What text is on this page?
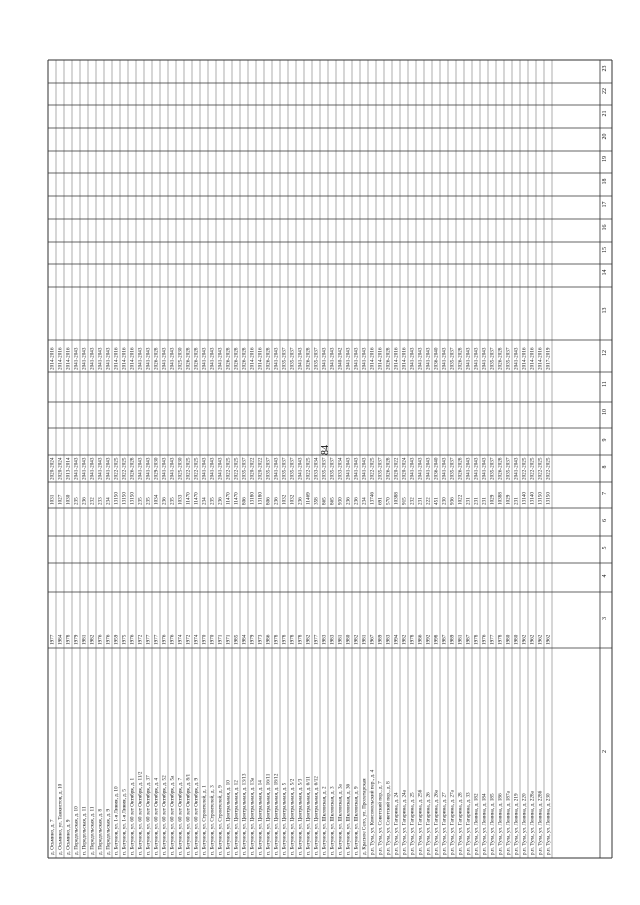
2
3
4
5
6
7
8
9
10
11
12
13
14
15
16
17
18
19
20
21
22
23
д. Осьмино, д. 7
1977
1031
2020-2024
2014-2016
д. Осьмино, ул. Танкистов, д. 10
1984
1027
2020-2024
2014-2016
д. Осьмино, д. 9
1978
1030
2013-2014
2014-2016
д. Передольская, д. 10
1979
235
2041-2043
2041-2043
п. Передольская, д. 11
1981
236
2041-2043
2041-2043
д. Передольская, д. 11
1982
232
2041-2043
2041-2043
д. Передольская, д. 8
1976
233
2041-2043
2041-2043
д. Передольская, д. 9
1976
234
2041-2043
2041-2043
п. Бегунов, ул. 1-я Линия, д. 10
1959
13150
2022-2025
2014-2016
п. Бегунов, ул. 1-я Линия, д. 5
1975
13150
2022-2025
2014-2016
п. Бегунов, ул. 60 лет Октября, д. 1
1976
13150
2026-2028
2014-2016
п. Бегунов, ул. 60 лет Октября, д. 11/2
1972
235
2041-2043
2041-2043
п. Бегунов, ул. 60 лет Октября, д. 37
1977
235
2041-2043
2041-2043
п. Бегунов, ул. 60 лет Октября, д. 4
1977
1034
2029-2030
2026-2028
п. Бегунов, ул. 60 лет Октября, д. 52
1976
236
2041-2043
2041-2043
п. Бегунов, ул. 60 лет Октября, д. 5а
1976
235
2041-2043
2041-2043
п. Бегунов, ул. 60 лет Октября, д. 7
1974
1033
2025-2030
2025-2030
п. Бегунов, ул. 60 лет Октября, д. 8/1
1972
11470
2022-2025
2026-2028
п. Бегунов, ул. 60 лет Октября, д. 9
1974
11470
2022-2025
2026-2028
п. Бегунов, ул. Строителей, д. 1
1970
234
2041-2043
2041-2043
п. Бегунов, ул. Строителей, д. 3
1970
235
2041-2043
2041-2043
п. Бегунов, ул. Строителей, д. 9
1971
236
2041-2043
2041-2043
п. Бегунов, ул. Центральная, д. 10
1971
11470
2022-2025
2026-2028
п. Бегунов, ул. Центральная, д. 12
1985
11470
2022-2025
2026-2028
п. Бегунов, ул. Центральная, д. 13/13
1984
806
2035-2037
2026-2028
п. Бегунов, ул. Центральная, д. 13а
1979
13180
2020-2022
2014-2016
п. Бегунов, ул. Центральная, д. 14
1973
13180
2020-2022
2014-2016
п. Бегунов, ул. Центральная, д. 16/11
1986
806
2035-2037
2026-2028
п. Бегунов, ул. Центральная, д. 18/12
1978
236
2041-2043
2041-2043
п. Бегунов, ул. Центральная, д. 5
1978
1032
2035-2037
2035-2037
п. Бегунов, ул. Центральная, д. 5/2
1978
1032
2035-2037
2035-2037
п. Бегунов, ул. Центральная, д. 5/3
1978
236
2041-2043
2041-2043
п. Бегунов, ул. Центральная, д. 6/11
1982
11469
2022-2025
2026-2028
п. Бегунов, ул. Центральная, д. 6/12
1977
358
2033-2034
2035-2037
п. Бегунов, ул. Шкловская, д. 2
1983
865
2035-2037
2041-2043
п. Бегунов, ул. Шкловская, д. 3
1983
865
2035-2037
2041-2043
п. Бегунов, ул. Шкловская, д. 3а
1981
930
2033-2034
2040-2042
п. Бегунов, ул. Шкловская, д. 36
1980
236
2041-2043
2041-2043
п. Бегунов, ул. Шкловская, д. 9
1982
236
2041-2043
2041-2043
д. Красное Село, ул. Пролетарская
1981
234
2041-2043
2041-2043
р.п. Тула, ул. Комсомольский пер., д. 4
1967
13746
2022-2025
2014-2016
р.п. Тула, ул. Советский пер., д. 7
1989
691
2035-2037
2014-2016
р.п. Тула, ул. Советский пер., д. 8
1983
570
2026-2028
2026-2028
р.п. Тула, ул. Гагарина, д. 24
1994
10388
2020-2022
2014-2016
р.п. Тула, ул. Гагарина, д. 24а
1982
915
2020-2024
2014-2016
р.п. Тула, ул. Гагарина, д. 25
1978
232
2041-2043
2041-2043
р.п. Тула, ул. Гагарина, д. 25б
1986
231
2041-2043
2041-2043
р.п. Тула, ул. Гагарина, д. 26
1992
222
2041-2043
2041-2043
р.п. Тула, ул. Гагарина, д. 26а
1998
451
2036-2040
2036-2040
р.п. Тула, ул. Гагарина, д. 27
1987
230
2041-2043
2041-2043
р.п. Тула, ул. Гагарина, д. 27а
1989
936
2035-2037
2035-2037
р.п. Тула, ул. Гагарина, д. 28
1981
1022
2026-2028
2026-2028
р.п. Тула, ул. Гагарина, д. 33
1987
231
2041-2043
2041-2043
р.п. Тула, ул. Ленина, д. 182
1978
231
2041-2043
2041-2043
р.п. Тула, ул. Ленина, д. 184
1976
231
2041-2043
2041-2043
р.п. Тула, ул. Ленина, д. 185
1977
1029
2035-2037
2035-2037
р.п. Тула, ул. Ленина, д. 186
1978
10388
2026-2028
2026-2028
р.п. Тула, ул. Ленина, д. 187а
1980
1029
2035-2037
2035-2037
р.п. Тула, ул. Ленина, д. 219
1980
231
2041-2043
2041-2043
р.п. Тула, ул. Ленина, д. 220
1962
13140
2022-2025
2014-2016
р.п. Тула, ул. Ленина, д. 228а
1962
13140
2022-2025
2014-2016
р.п. Тула, ул. Ленина, д. 228б
1962
13150
2022-2025
2014-2016
р.п. Тула, ул. Ленина, д. 230
1962
13150
2022-2025
2017-2019
84
